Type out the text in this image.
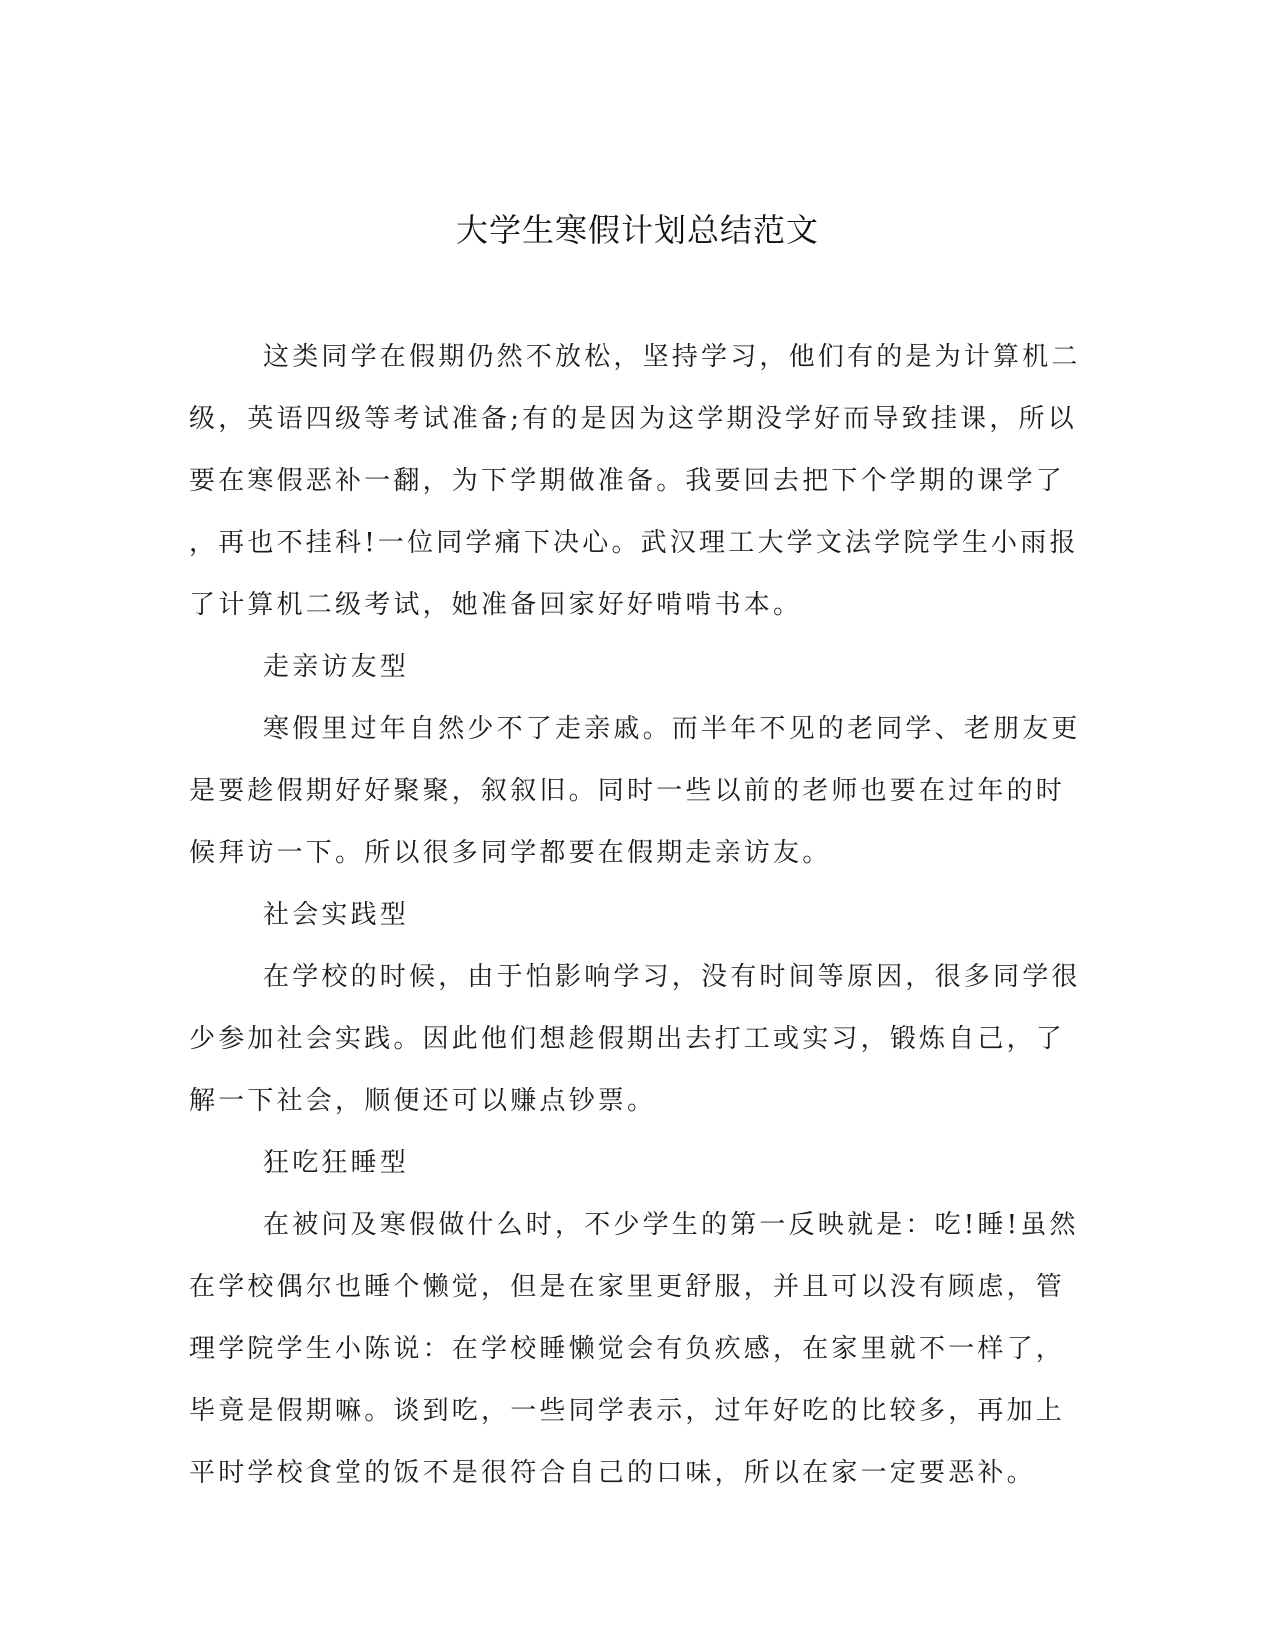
大学生寒假计划总结范文
这类同学在假期仍然不放松，坚持学习，他们有的是为计算机二
级，英语四级等考试准备;有的是因为这学期没学好而导致挂课，所以
要在寒假恶补一翻，为下学期做准备。我要回去把下个学期的课学了
，再也不挂科!一位同学痛下决心。武汉理工大学文法学院学生小雨报
了计算机二级考试，她准备回家好好啃啃书本。
走亲访友型
寒假里过年自然少不了走亲戚。而半年不见的老同学、老朋友更
是要趁假期好好聚聚，叙叙旧。同时一些以前的老师也要在过年的时
候拜访一下。所以很多同学都要在假期走亲访友。
社会实践型
在学校的时候，由于怕影响学习，没有时间等原因，很多同学很
少参加社会实践。因此他们想趁假期出去打工或实习，锻炼自己，了
解一下社会，顺便还可以赚点钞票。
狂吃狂睡型
在被问及寒假做什么时，不少学生的第一反映就是：吃!睡!虽然
在学校偶尔也睡个懒觉，但是在家里更舒服，并且可以没有顾虑，管
理学院学生小陈说：在学校睡懒觉会有负疚感，在家里就不一样了，
毕竟是假期嘛。谈到吃，一些同学表示，过年好吃的比较多，再加上
平时学校食堂的饭不是很符合自己的口味，所以在家一定要恶补。
